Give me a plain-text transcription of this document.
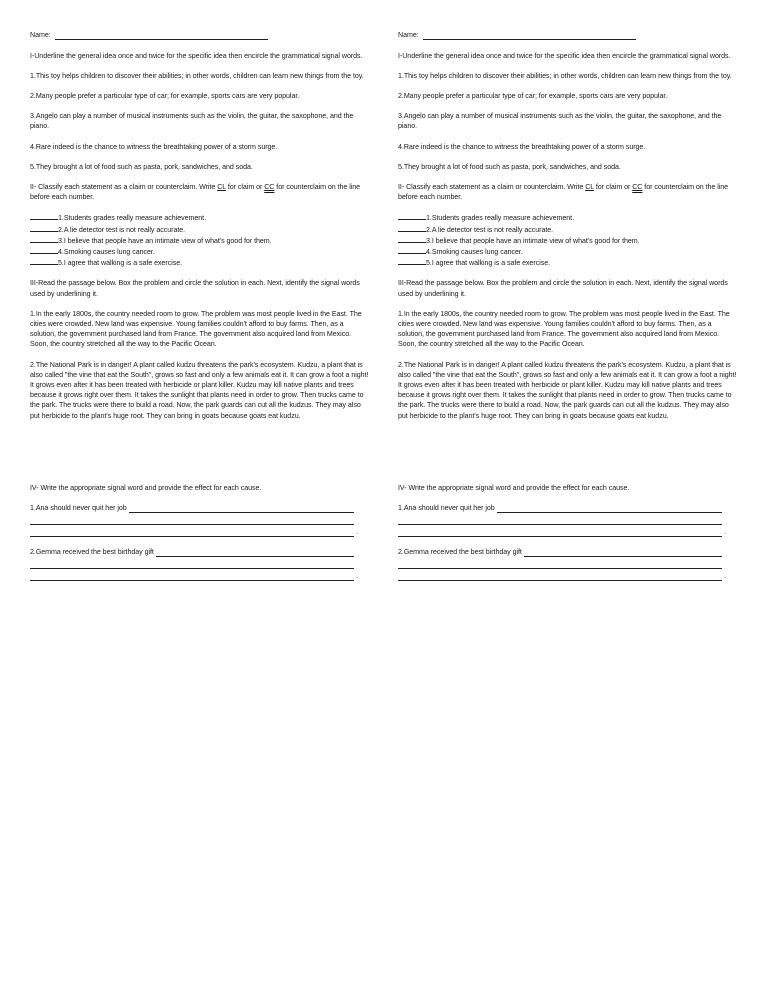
Name:

I-Underline the general idea once and twice for the specific idea then encircle the grammatical signal words.

1.This toy helps children to discover their abilities; in other words, children can learn new things from the toy.

2.Many people prefer a particular type of car; for example, sports cars are very popular.

3.Angelo can play a number of musical instruments such as the violin, the guitar, the saxophone, and the piano.

4.Rare indeed is the chance to witness the breathtaking power of a storm surge.

5.They brought a lot of food such as pasta, pork, sandwiches, and soda.

II- Classify each statement as a claim or counterclaim. Write CL for claim or CC for counterclaim on the line before each number.

1.Students grades really measure achievement.

2.A lie detector test is not really accurate.

3.I believe that people have an intimate view of what's good for them.

4.Smoking causes lung cancer.

5.I agree that walking is a safe exercise.

III-Read the passage below. Box the problem and circle the solution in each. Next, identify the signal words used by underlining it.

1.In the early 1800s, the country needed room to grow. The problem was most people lived in the East. The cities were crowded. New land was expensive. Young families couldn't afford to buy farms. Then, as a solution, the government purchased land from France. The government also acquired land from Mexico. Soon, the country stretched all the way to the Pacific Ocean.

2.The National Park is in danger! A plant called kudzu threatens the park's ecosystem. Kudzu, a plant that is also called "the vine that eat the South", grows so fast and only a few animals eat it. It can grow a foot a night! It grows even after it has been treated with herbicide or plant killer. Kudzu may kill native plants and trees because it grows right over them. It takes the sunlight that plants need in order to grow. Then trucks came to the park. The trucks were there to build a road. Now, the park guards can cut all the kudzus. They may also put herbicide to the plant's huge root. They can bring in goats because goats eat kudzu.

IV- Write the appropriate signal word and provide the effect for each cause.

1.Ana should never quit her job
.
2.Gemma received the best birthday gift
.
Name:

I-Underline the general idea once and twice for the specific idea then encircle the grammatical signal words.

1.This toy helps children to discover their abilities; in other words, children can learn new things from the toy.

2.Many people prefer a particular type of car; for example, sports cars are very popular.

3.Angelo can play a number of musical instruments such as the violin, the guitar, the saxophone, and the piano.

4.Rare indeed is the chance to witness the breathtaking power of a storm surge.

5.They brought a lot of food such as pasta, pork, sandwiches, and soda.

II- Classify each statement as a claim or counterclaim. Write CL for claim or CC for counterclaim on the line before each number.

1.Students grades really measure achievement.

2.A lie detector test is not really accurate.

3.I believe that people have an intimate view of what's good for them.

4.Smoking causes lung cancer.

5.I agree that walking is a safe exercise.

III-Read the passage below. Box the problem and circle the solution in each. Next, identify the signal words used by underlining it.

1.In the early 1800s, the country needed room to grow. The problem was most people lived in the East. The cities were crowded. New land was expensive. Young families couldn't afford to buy farms. Then, as a solution, the government purchased land from France. The government also acquired land from Mexico. Soon, the country stretched all the way to the Pacific Ocean.

2.The National Park is in danger! A plant called kudzu threatens the park's ecosystem. Kudzu, a plant that is also called "the vine that eat the South", grows so fast and only a few animals eat it. It can grow a foot a night! It grows even after it has been treated with herbicide or plant killer. Kudzu may kill native plants and trees because it grows right over them. It takes the sunlight that plants need in order to grow. Then trucks came to the park. The trucks were there to build a road. Now, the park guards can cut all the kudzus. They may also put herbicide to the plant's huge root. They can bring in goats because goats eat kudzu.

IV- Write the appropriate signal word and provide the effect for each cause.

1.Ana should never quit her job
.
2.Gemma received the best birthday gift
.
